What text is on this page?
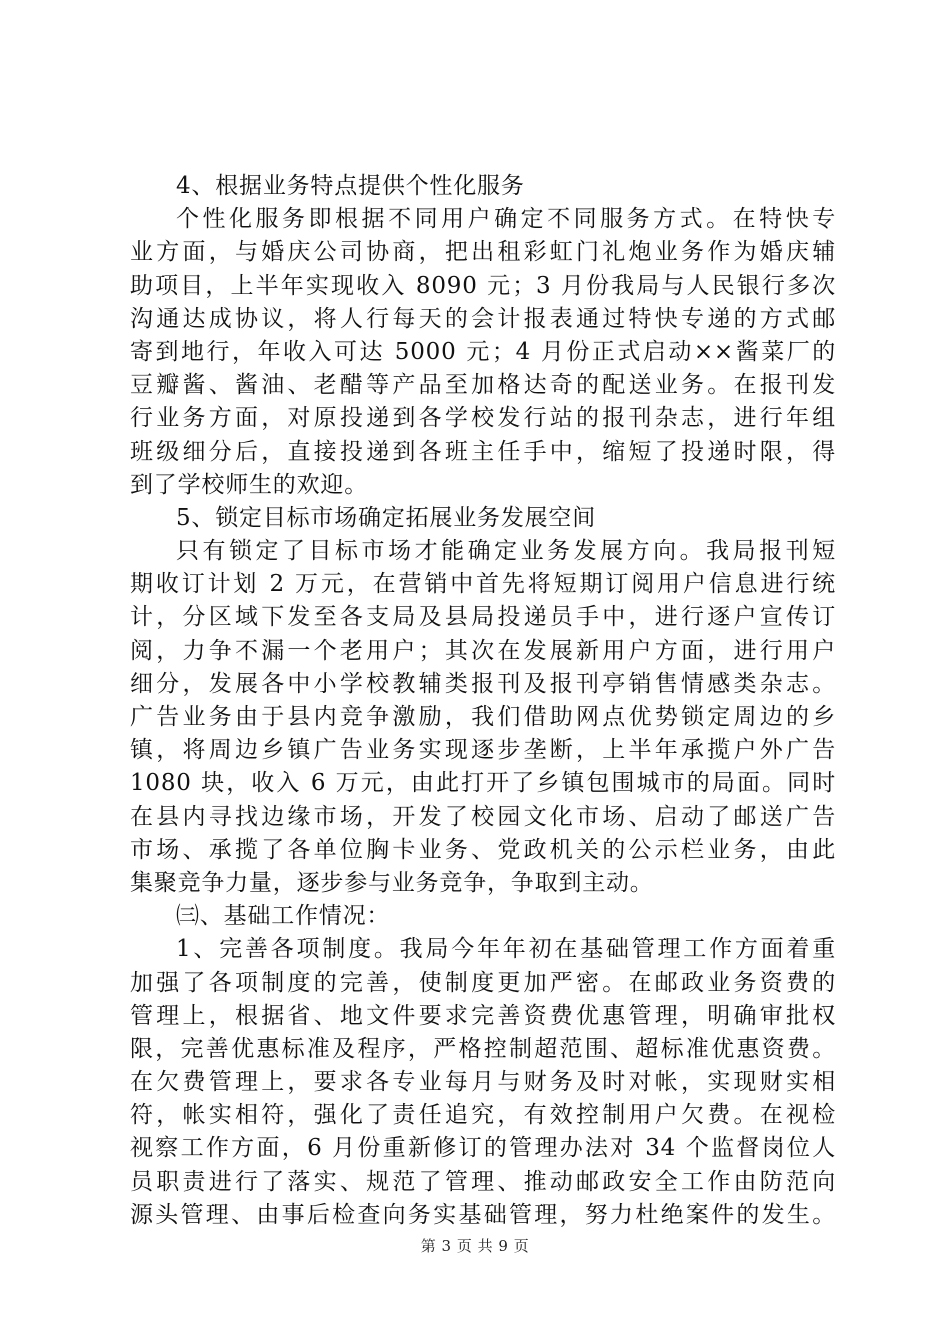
4、根据业务特点提供个性化服务
个性化服务即根据不同用户确定不同服务方式。在特快专
业方面，与婚庆公司协商，把出租彩虹门礼炮业务作为婚庆辅
助项目，上半年实现收入 8090 元；3 月份我局与人民银行多次
沟通达成协议，将人行每天的会计报表通过特快专递的方式邮
寄到地行，年收入可达 5000 元；4 月份正式启动××酱菜厂的
豆瓣酱、酱油、老醋等产品至加格达奇的配送业务。在报刊发
行业务方面，对原投递到各学校发行站的报刊杂志，进行年组
班级细分后，直接投递到各班主任手中，缩短了投递时限，得
到了学校师生的欢迎。
5、锁定目标市场确定拓展业务发展空间
只有锁定了目标市场才能确定业务发展方向。我局报刊短
期收订计划 2 万元，在营销中首先将短期订阅用户信息进行统
计，分区域下发至各支局及县局投递员手中，进行逐户宣传订
阅，力争不漏一个老用户；其次在发展新用户方面，进行用户
细分，发展各中小学校教辅类报刊及报刊亭销售情感类杂志。
广告业务由于县内竞争激励，我们借助网点优势锁定周边的乡
镇，将周边乡镇广告业务实现逐步垄断，上半年承揽户外广告
1080 块，收入 6 万元，由此打开了乡镇包围城市的局面。同时
在县内寻找边缘市场，开发了校园文化市场、启动了邮送广告
市场、承揽了各单位胸卡业务、党政机关的公示栏业务，由此
集聚竞争力量，逐步参与业务竞争，争取到主动。
㈢、基础工作情况：
1、完善各项制度。我局今年年初在基础管理工作方面着重
加强了各项制度的完善，使制度更加严密。在邮政业务资费的
管理上，根据省、地文件要求完善资费优惠管理，明确审批权
限，完善优惠标准及程序，严格控制超范围、超标准优惠资费。
在欠费管理上，要求各专业每月与财务及时对帐，实现财实相
符，帐实相符，强化了责任追究，有效控制用户欠费。在视检
视察工作方面，6 月份重新修订的管理办法对 34 个监督岗位人
员职责进行了落实、规范了管理、推动邮政安全工作由防范向
源头管理、由事后检查向务实基础管理，努力杜绝案件的发生。
第 3 页 共 9 页
